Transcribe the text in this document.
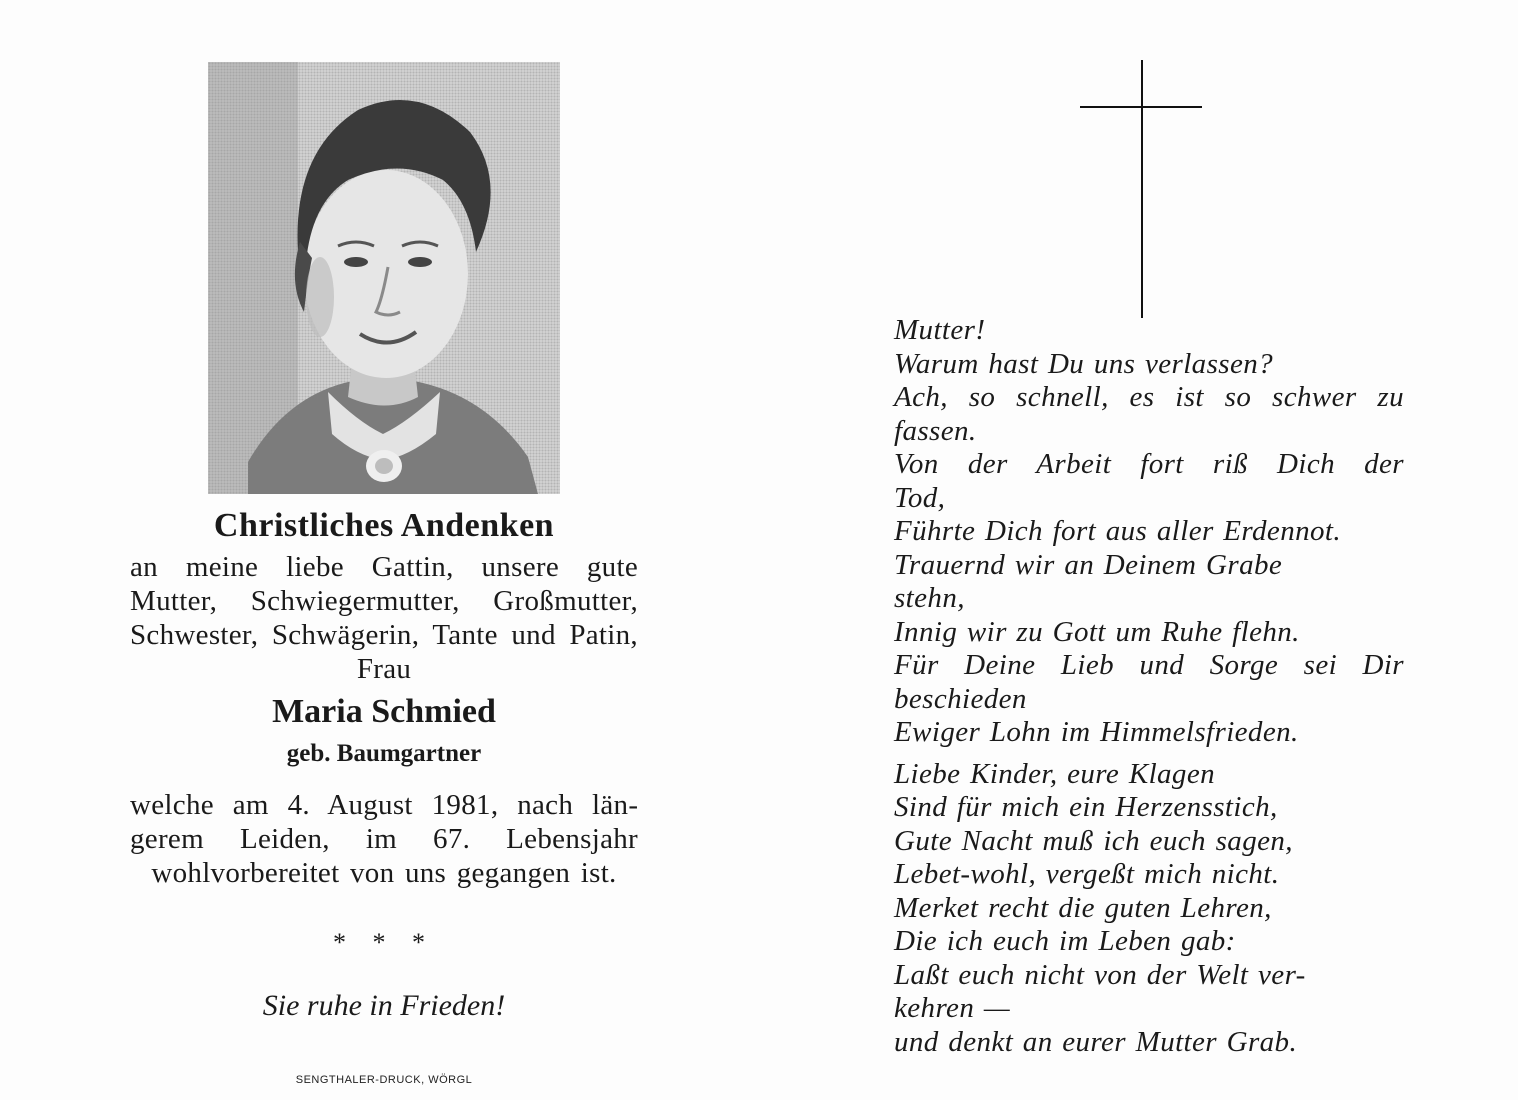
Christliches Andenken

an meine liebe Gattin, unsere gute Mutter, Schwiegermutter, Großmutter, Schwester, Schwägerin, Tante und Patin, Frau

Maria Schmied

geb. Baumgartner

welche am 4. August 1981, nach längerem Leiden, im 67. Lebensjahr wohlvorbereitet von uns gegangen ist.

* * *

Sie ruhe in Frieden!

SENGTHALER-DRUCK, WÖRGL
Mutter!
Warum hast Du uns verlassen?
Ach, so schnell, es ist so schwer zu
fassen.
Von der Arbeit fort riß Dich der
Tod,
Führte Dich fort aus aller Erdennot.
Trauernd wir an Deinem Grabe
stehn,
Innig wir zu Gott um Ruhe flehn.
Für Deine Lieb und Sorge sei Dir
beschieden
Ewiger Lohn im Himmelsfrieden.
Liebe Kinder, eure Klagen
Sind für mich ein Herzensstich,
Gute Nacht muß ich euch sagen,
Lebet-wohl, vergeßt mich nicht.
Merket recht die guten Lehren,
Die ich euch im Leben gab:
Laßt euch nicht von der Welt ver-
kehren —
und denkt an eurer Mutter Grab.
